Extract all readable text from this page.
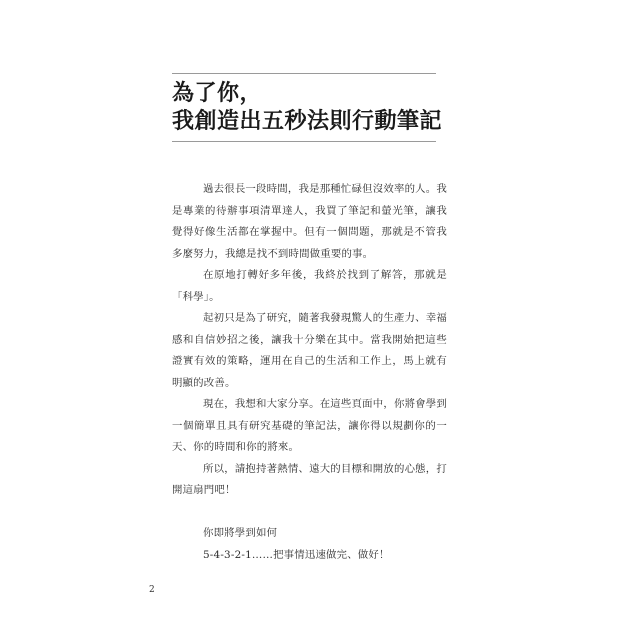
為了你，
我創造出五秒法則行動筆記

過去很長一段時間，我是那種忙碌但沒效率的人。我是專業的待辦事項清單達人，我買了筆記和螢光筆，讓我覺得好像生活都在掌握中。但有一個問題，那就是不管我多麼努力，我總是找不到時間做重要的事。

在原地打轉好多年後，我終於找到了解答，那就是「科學」。

起初只是為了研究，隨著我發現驚人的生產力、幸福感和自信妙招之後，讓我十分樂在其中。當我開始把這些證實有效的策略，運用在自己的生活和工作上，馬上就有明顯的改善。

現在，我想和大家分享。在這些頁面中，你將會學到一個簡單且具有研究基礎的筆記法，讓你得以規劃你的一天、你的時間和你的將來。

所以，請抱持著熱情、遠大的目標和開放的心態，打開這扇門吧！

你即將學到如何

5-4-3-2-1……把事情迅速做完、做好！

2
